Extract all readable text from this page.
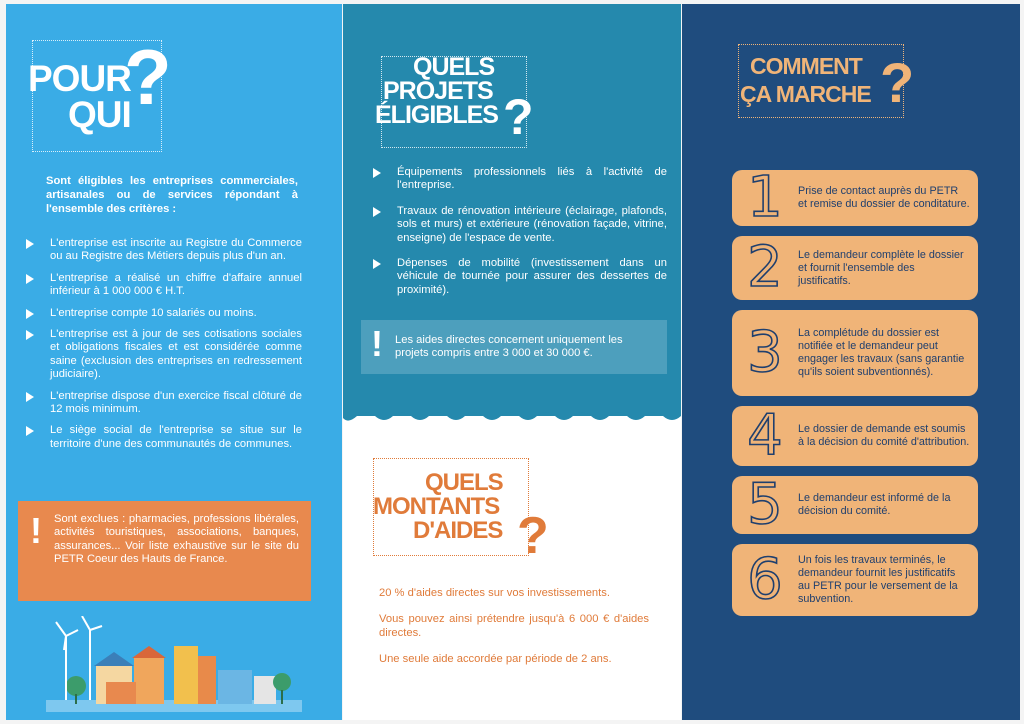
POUR
QUI
?
Sont éligibles les entreprises commerciales, artisanales ou de services répondant à l'ensemble des critères :
L'entreprise est inscrite au Registre du Commerce ou au Registre des Métiers depuis plus d'un an.
L'entreprise a réalisé un chiffre d'affaire annuel inférieur à 1 000 000 € H.T.
L'entreprise compte 10 salariés ou moins.
L'entreprise est à jour de ses cotisations sociales et obligations fiscales et est considérée comme saine (exclusion des entreprises en redressement judiciaire).
L'entreprise dispose d'un exercice fiscal clôturé de 12 mois minimum.
Le siège social de l'entreprise se situe sur le territoire d'une des communautés de communes.
! Sont exclues : pharmacies, professions libérales, activités touristiques, associations, banques, assurances... Voir liste exhaustive sur le site du PETR Coeur des Hauts de France.
QUELS
PROJETS
ÉLIGIBLES ?
Équipements professionnels liés à l'activité de l'entreprise.
Travaux de rénovation intérieure (éclairage, plafonds, sols et murs) et extérieure (rénovation façade, vitrine, enseigne) de l'espace de vente.
Dépenses de mobilité (investissement dans un véhicule de tournée pour assurer des dessertes de proximité).
! Les aides directes concernent uniquement les projets compris entre 3 000 et 30 000 €.
QUELS
MONTANTS
D'AIDES ?

20 % d'aides directes sur vos investissements.

Vous pouvez ainsi prétendre jusqu'à 6 000 € d'aides directes.

Une seule aide accordée par période de 2 ans.

COMMENT
ÇA MARCHE ?
1	Prise de contact auprès du PETR et remise du dossier de conditature.
2	Le demandeur complète le dossier et fournit l'ensemble des justificatifs.
3	La complétude du dossier est notifiée et le demandeur peut engager les travaux (sans garantie qu'ils soient subventionnés).
4	Le dossier de demande est soumis à la décision du comité d'attribution.
5	Le demandeur est informé de la décision du comité.
6	Un fois les travaux terminés, le demandeur fournit les justificatifs au PETR pour le versement de la subvention.
